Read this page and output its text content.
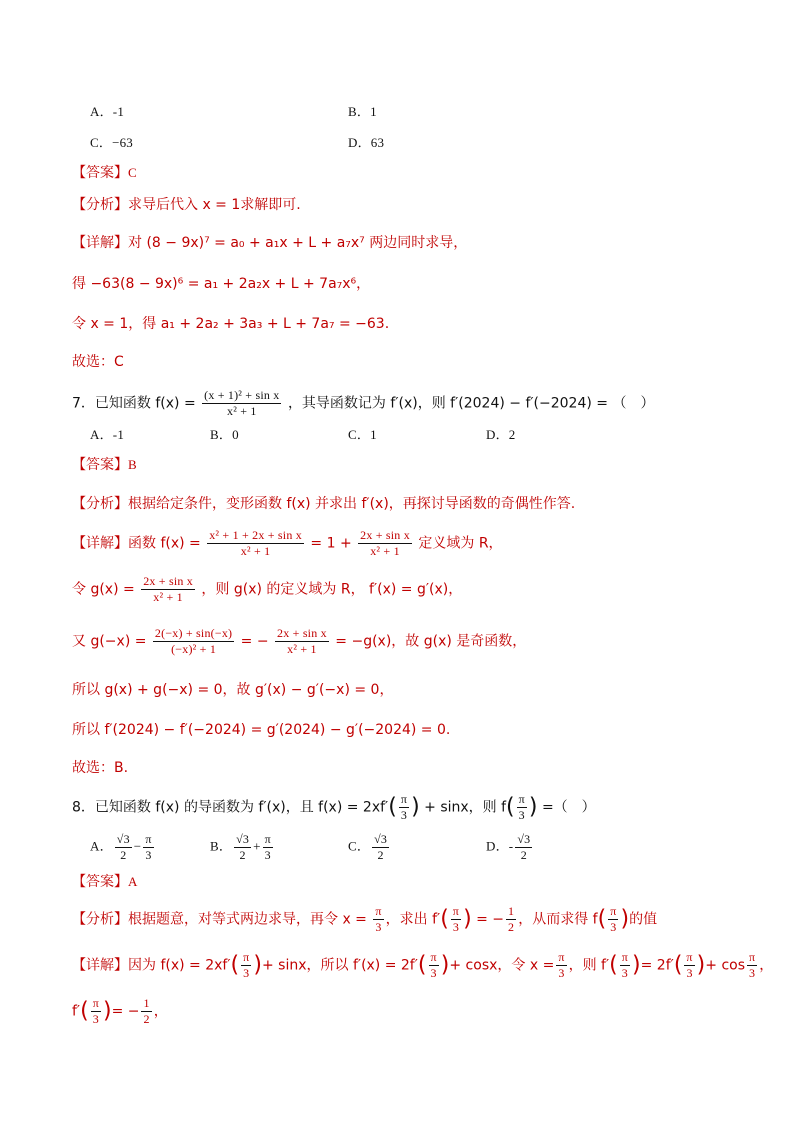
A．-1	B．1
C．−63	D．63
【答案】C
【分析】求导后代入 x = 1求解即可.
【详解】对 (8 − 9x)⁷ = a₀ + a₁x + L + a₇x⁷ 两边同时求导，
得 −63(8 − 9x)⁶ = a₁ + 2a₂x + L + 7a₇x⁶，
令 x = 1，得 a₁ + 2a₂ + 3a₃ + L + 7a₇ = −63.
故选：C
7．已知函数 $f(x) = \frac{\text{(x + 1)² + sin x}}{\text{x² + 1}}$ ，其导函数记为 f′(x)，则 f′(2024) − f′(−2024) = （　）
A．-1	B．0	C．1	D．2
【答案】B
【分析】根据给定条件，变形函数 f(x) 并求出 f′(x)，再探讨导函数的奇偶性作答.
【详解】函数 $f(x) = \frac{\text{x² + 1 + 2x + sin x}}{\text{x² + 1}} = 1 + \frac{\text{2x + sin x}}{\text{x² + 1}}$ 定义域为 R，
令 $g(x) = \frac{\text{2x + sin x}}{\text{x² + 1}}$ ，则 g(x) 的定义域为 R， f′(x) = g′(x)，
又 $g(-x) = \frac{2(-x) + \sin(-x)}{\text{(−x)² + 1}}$ = − $\frac{\text{2x + sin x}}{\text{x² + 1}} = -g(x)$，故 g(x) 是奇函数，
所以 g(x) + g(−x) = 0，故 g′(x) − g′(−x) = 0，
所以 f′(2024) − f′(−2024) = g′(2024) − g′(−2024) = 0.
故选：B.
8．已知函数 f(x) 的导函数为 f′(x)，且 $f(x) = 2xf'( \frac{\pi}{3}$ ) + sinx，则 $f( \frac{\pi}{3}$ ) =（　）
A． $\frac{√3}{2} - \frac{\pi}{3}$	B． $\frac{√3}{2} + \frac{\pi}{3}$	C． $\frac{√3}{2}$	D．- $\frac{√3}{2}$
【答案】A
【分析】根据题意，对等式两边求导，再令 $x = \frac{\pi}{3}$ ，求出 $f'( \frac{\pi}{3}$ ) = − $\frac{1}{2}$ ，从而求得 $f( \frac{\pi}{3}$ )的值
【详解】因为 $f(x) = 2xf'( \frac{\pi}{3}$ )+ sinx，所以 $f'(x) = 2f'( \frac{\pi}{3}$ )+ cosx，令 $x = \frac{\pi}{3}$ ，则 $f'( \frac{\pi}{3}$ )= $2f'( \frac{\pi}{3}$ )+ $\cos \frac{\pi}{3}$ ，
$f'( \frac{\pi}{3}$ )= − $\frac{1}{2}$ ，
